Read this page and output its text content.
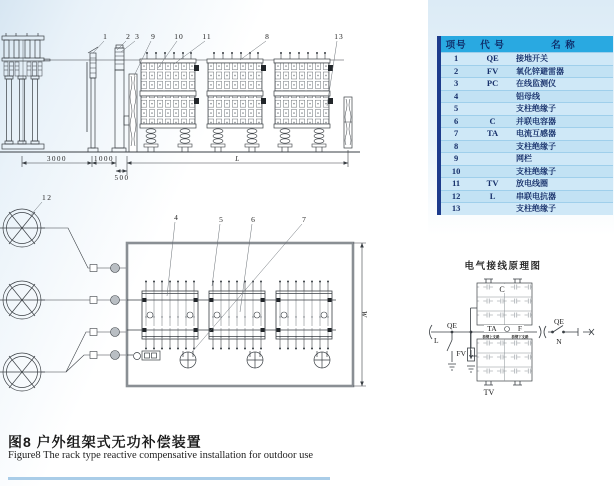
3000	1000
500
L
1	2 3 9	10 11	8	13
12
W
4	5	6	7
电气接线原理图
C
TV
TA	F
桥臂上支路	桥臂下支路
L
QE
FV
QE
N
项号	代 号	名 称
1	QE	接地开关
2	FV	氧化锌避雷器
3	PC	在线监测仪
4		铝母线
5		支柱绝缘子
6	C	并联电容器
7	TA	电流互感器
8		支柱绝缘子
9		网栏
10		支柱绝缘子
11	TV	放电线圈
12	L	串联电抗器
13		支柱绝缘子
图8 户外组架式无功补偿装置
Figure8 The rack type reactive compensative installation for outdoor use
